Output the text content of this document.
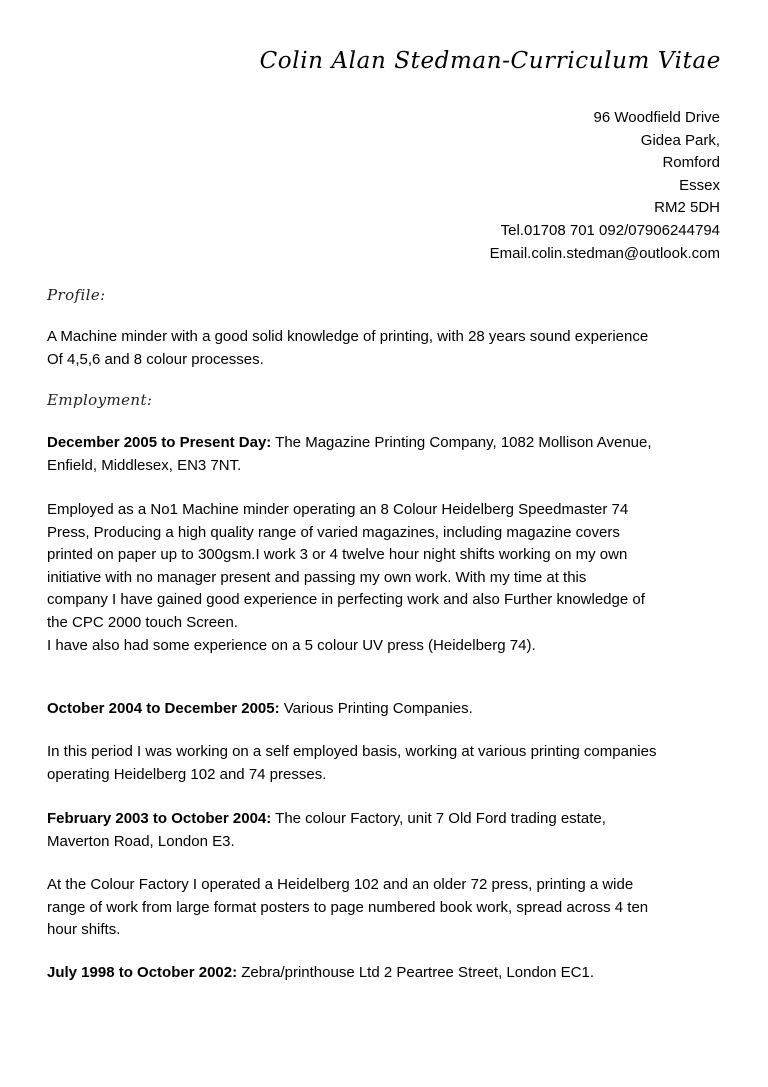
Colin Alan Stedman-Curriculum Vitae
96 Woodfield Drive
Gidea Park,
Romford
Essex
RM2 5DH
Tel.01708 701 092/07906244794
Email.colin.stedman@outlook.com
Profile:
A Machine minder with a good solid knowledge of printing, with 28 years sound experience
Of 4,5,6 and 8 colour processes.
Employment:
December 2005 to Present Day: The Magazine Printing Company, 1082 Mollison Avenue,
Enfield, Middlesex, EN3 7NT.
Employed as a No1 Machine minder operating an 8 Colour Heidelberg Speedmaster 74
Press, Producing a high quality range of varied magazines, including magazine covers
printed on paper up to 300gsm.I work 3 or 4 twelve hour night shifts working on my own
initiative with no manager present and passing my own work. With my time at this
company I have gained good experience in perfecting work and also Further knowledge of
the CPC 2000 touch Screen.
I have also had some experience on a 5 colour UV press (Heidelberg 74).
October 2004 to December 2005: Various Printing Companies.
In this period I was working on a self employed basis, working at various printing companies
operating Heidelberg 102 and 74 presses.
February 2003 to October 2004: The colour Factory, unit 7 Old Ford trading estate,
Maverton Road, London E3.
At the Colour Factory I operated a Heidelberg 102 and an older 72 press, printing a wide
range of work from large format posters to page numbered book work, spread across 4 ten
hour shifts.
July 1998 to October 2002: Zebra/printhouse Ltd 2 Peartree Street, London EC1.
